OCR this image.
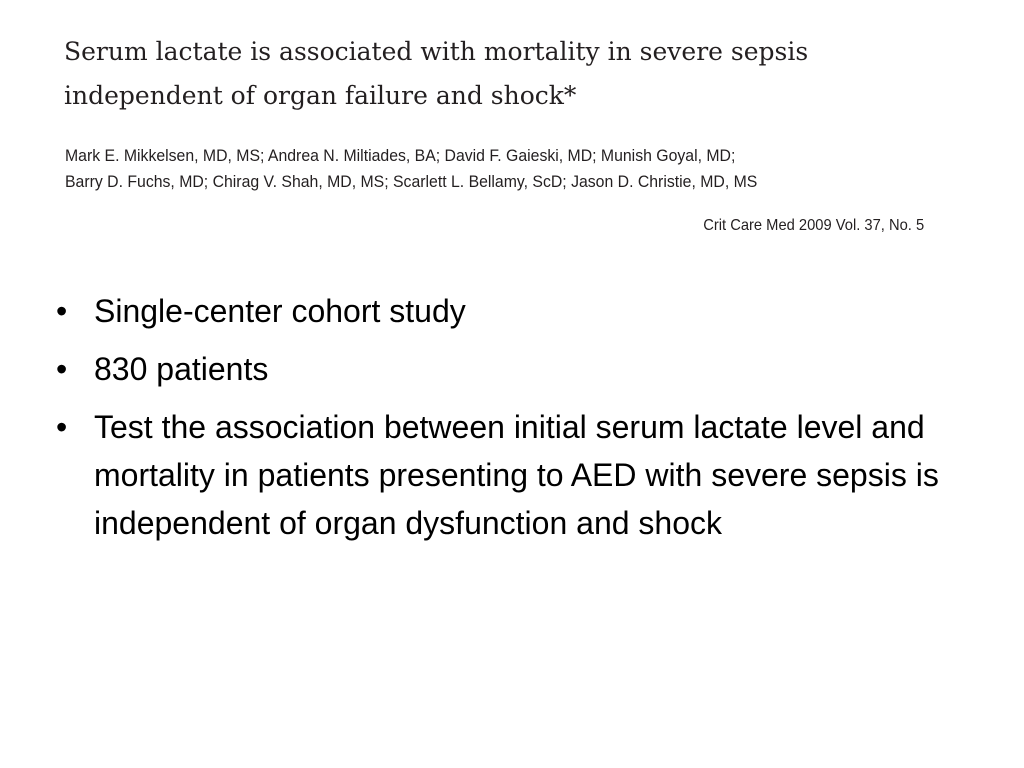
Serum lactate is associated with mortality in severe sepsis
independent of organ failure and shock*

Mark E. Mikkelsen, MD, MS; Andrea N. Miltiades, BA; David F. Gaieski, MD; Munish Goyal, MD;
Barry D. Fuchs, MD; Chirag V. Shah, MD, MS; Scarlett L. Bellamy, ScD; Jason D. Christie, MD, MS

Crit Care Med 2009 Vol. 37, No. 5

• Single-center cohort study
• 830 patients
• Test the association between initial serum lactate level and mortality in patients presenting to AED with severe sepsis is independent of organ dysfunction and shock
